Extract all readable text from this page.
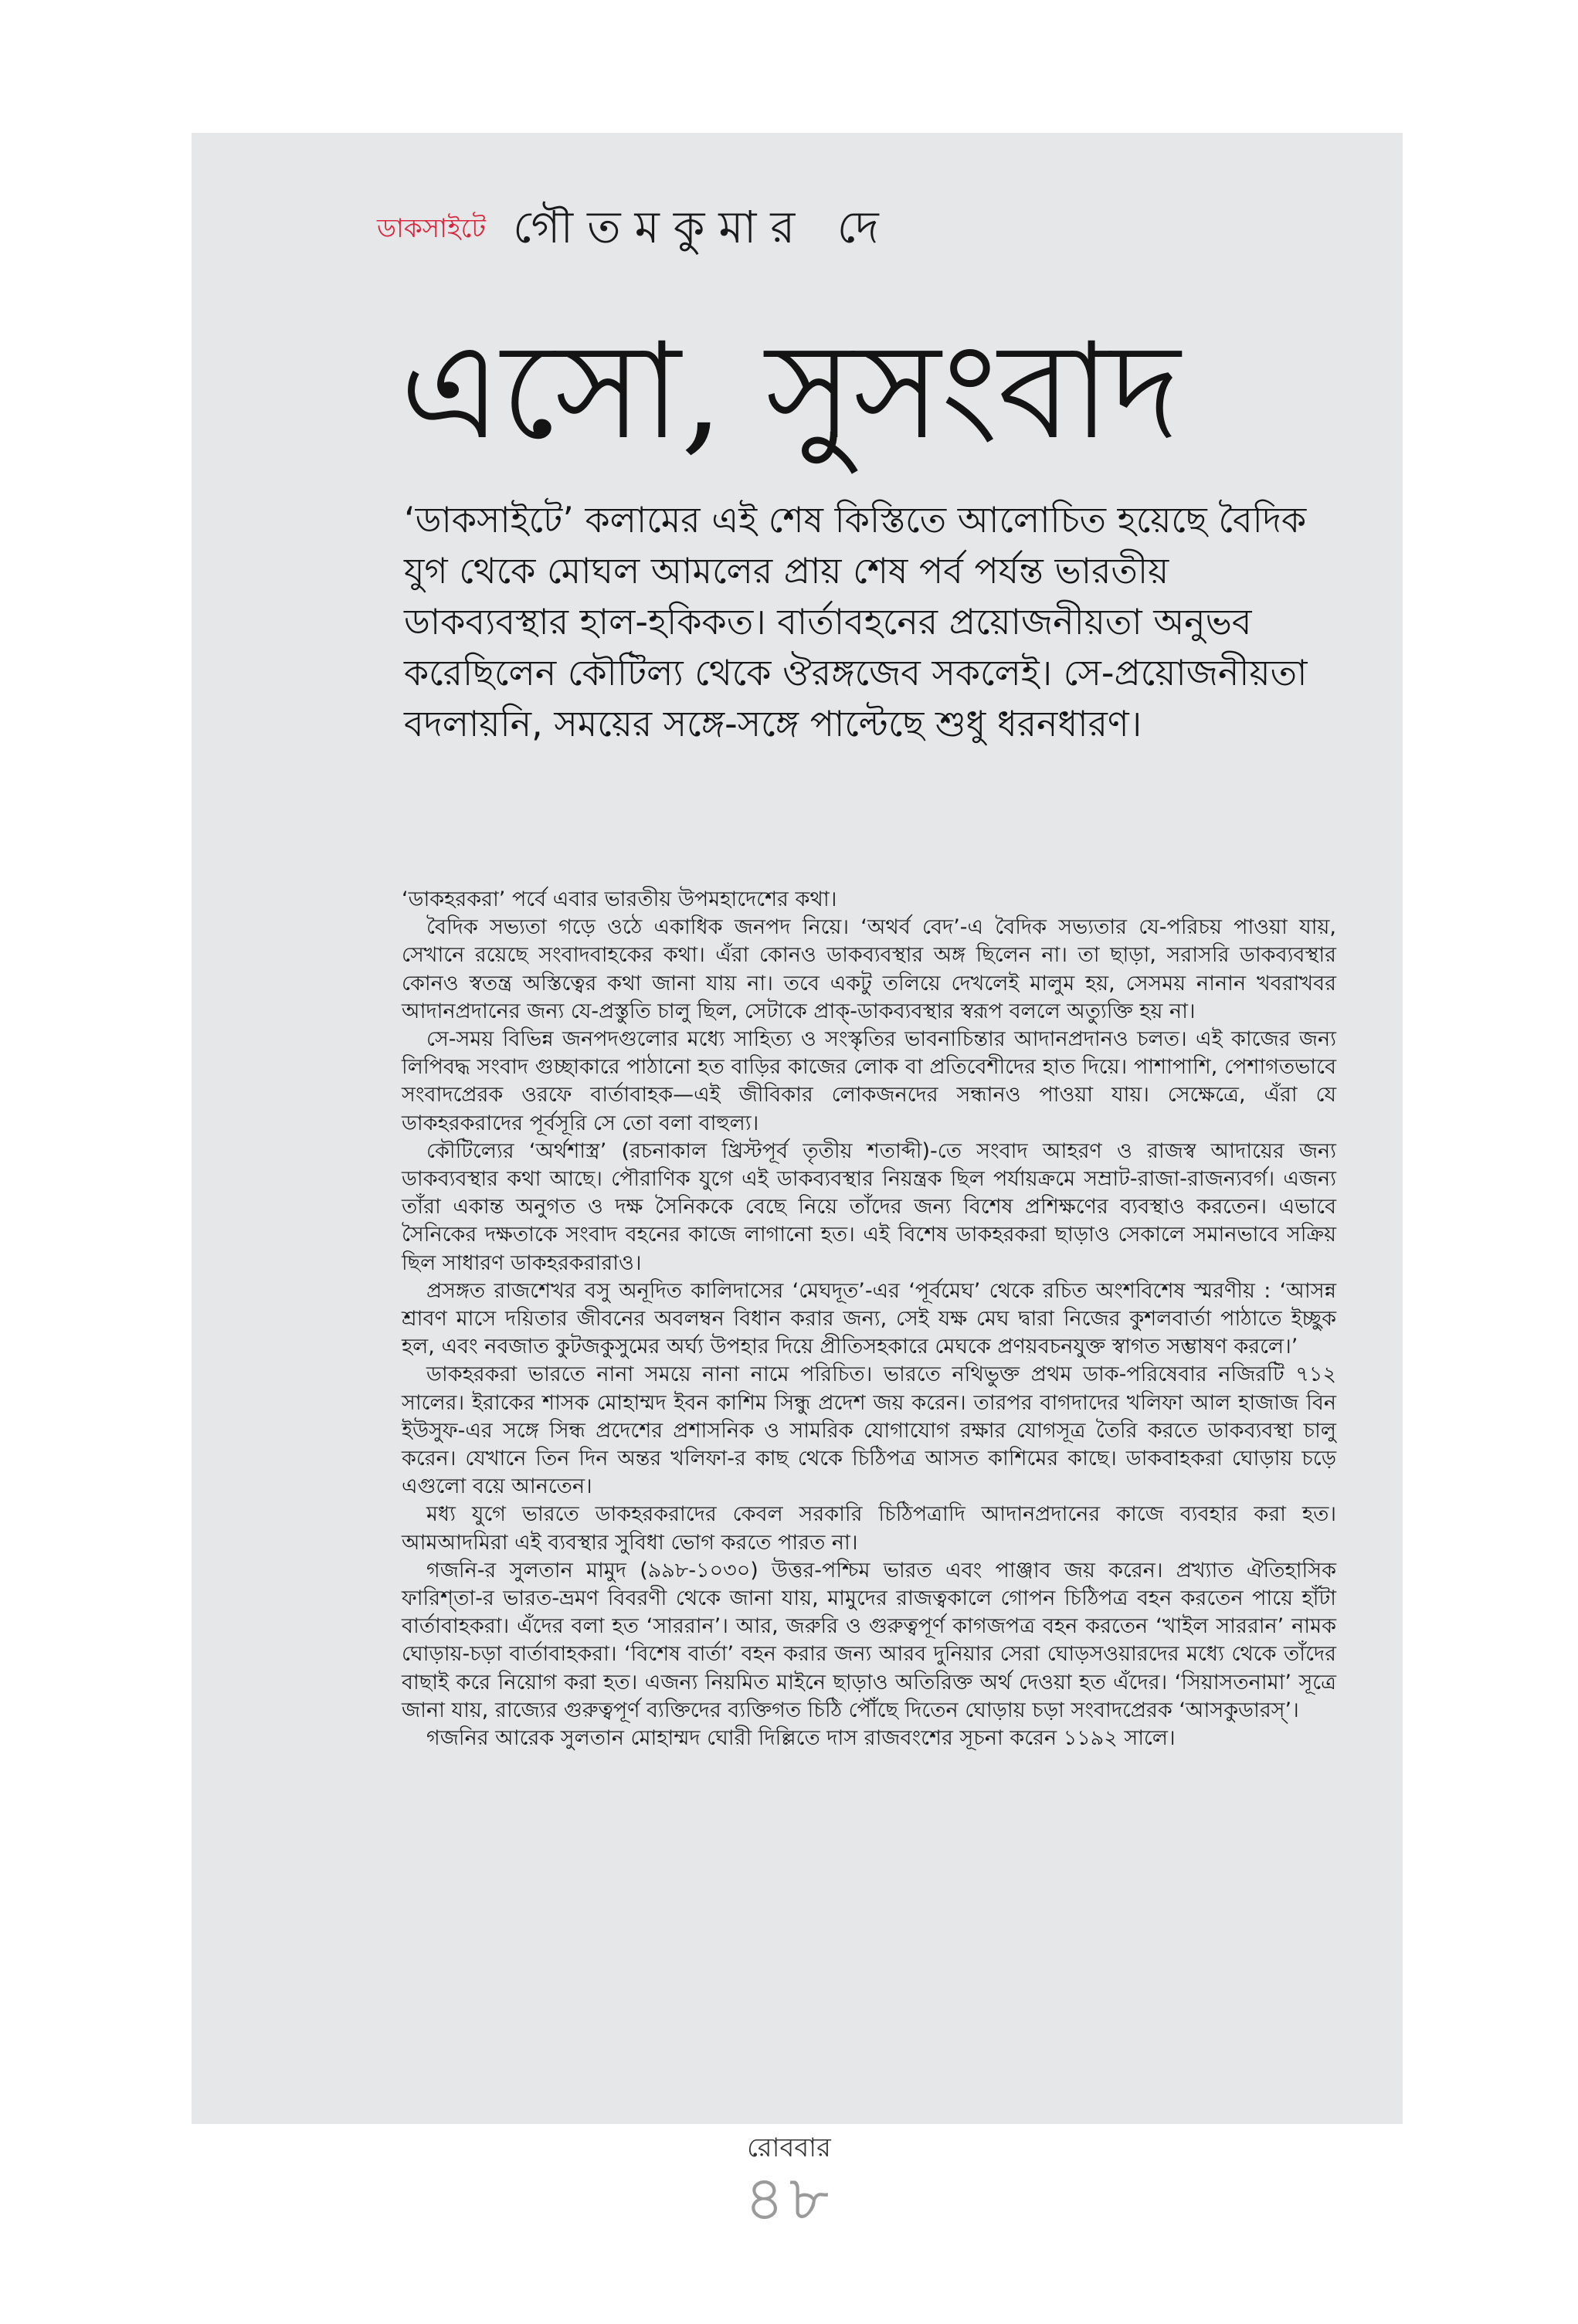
ডাকসাইটে গৌতমকুমার দে
এসো, সুসংবাদ

‘ডাকসাইটে’ কলামের এই শেষ কিস্তিতে আলোচিত হয়েছে বৈদিক যুগ থেকে মোঘল আমলের প্রায় শেষ পর্ব পর্যন্ত ভারতীয় ডাকব্যবস্থার হাল-হকিকত। বার্তাবহনের প্রয়োজনীয়তা অনুভব করেছিলেন কৌটিল্য থেকে ঔরঙ্গজেব সকলেই। সে-প্রয়োজনীয়তা বদলায়নি, সময়ের সঙ্গে-সঙ্গে পাল্টেছে শুধু ধরনধারণ।

‘ডাকহরকরা’ পর্বে এবার ভারতীয় উপমহাদেশের কথা।

বৈদিক সভ্যতা গড়ে ওঠে একাধিক জনপদ নিয়ে। ‘অথর্ব বেদ’-এ বৈদিক সভ্যতার যে-পরিচয় পাওয়া যায়, সেখানে রয়েছে সংবাদবাহকের কথা। এঁরা কোনও ডাকব্যবস্থার অঙ্গ ছিলেন না। তা ছাড়া, সরাসরি ডাকব্যবস্থার কোনও স্বতন্ত্র অস্তিত্বের কথা জানা যায় না। তবে একটু তলিয়ে দেখলেই মালুম হয়, সেসময় নানান খবরাখবর আদানপ্রদানের জন্য যে-প্রস্তুতি চালু ছিল, সেটাকে প্রাক্‌-ডাকব্যবস্থার স্বরূপ বললে অত্যুক্তি হয় না।

সে-সময় বিভিন্ন জনপদগুলোর মধ্যে সাহিত্য ও সংস্কৃতির ভাবনাচিন্তার আদানপ্রদানও চলত। এই কাজের জন্য লিপিবদ্ধ সংবাদ গুচ্ছাকারে পাঠানো হত বাড়ির কাজের লোক বা প্রতিবেশীদের হাত দিয়ে। পাশাপাশি, পেশাগতভাবে সংবাদপ্রেরক ওরফে বার্তাবাহক—এই জীবিকার লোকজনদের সন্ধানও পাওয়া যায়। সেক্ষেত্রে, এঁরা যে ডাকহরকরাদের পূর্বসূরি সে তো বলা বাহুল্য।

কৌটিল্যের ‘অর্থশাস্ত্র’ (রচনাকাল খ্রিস্টপূর্ব তৃতীয় শতাব্দী)-তে সংবাদ আহরণ ও রাজস্ব আদায়ের জন্য ডাকব্যবস্থার কথা আছে। পৌরাণিক যুগে এই ডাকব্যবস্থার নিয়ন্ত্রক ছিল পর্যায়ক্রমে সম্রাট-রাজা-রাজন্যবর্গ। এজন্য তাঁরা একান্ত অনুগত ও দক্ষ সৈনিককে বেছে নিয়ে তাঁদের জন্য বিশেষ প্রশিক্ষণের ব্যবস্থাও করতেন। এভাবে সৈনিকের দক্ষতাকে সংবাদ বহনের কাজে লাগানো হত। এই বিশেষ ডাকহরকরা ছাড়াও সেকালে সমানভাবে সক্রিয় ছিল সাধারণ ডাকহরকরারাও।

প্রসঙ্গত রাজশেখর বসু অনূদিত কালিদাসের ‘মেঘদূত’-এর ‘পূর্বমেঘ’ থেকে রচিত অংশবিশেষ স্মরণীয় : ‘আসন্ন শ্রাবণ মাসে দয়িতার জীবনের অবলম্বন বিধান করার জন্য, সেই যক্ষ মেঘ দ্বারা নিজের কুশলবার্তা পাঠাতে ইচ্ছুক হল, এবং নবজাত কুটজকুসুমের অর্ঘ্য উপহার দিয়ে প্রীতিসহকারে মেঘকে প্রণয়বচনযুক্ত স্বাগত সম্ভাষণ করলে।’

ডাকহরকরা ভারতে নানা সময়ে নানা নামে পরিচিত। ভারতে নথিভুক্ত প্রথম ডাক-পরিষেবার নজিরটি ৭১২ সালের। ইরাকের শাসক মোহাম্মদ ইবন কাশিম সিন্ধু প্রদেশ জয় করেন। তারপর বাগদাদের খলিফা আল হাজাজ বিন ইউসুফ-এর সঙ্গে সিন্ধ প্রদেশের প্রশাসনিক ও সামরিক যোগাযোগ রক্ষার যোগসূত্র তৈরি করতে ডাকব্যবস্থা চালু করেন। যেখানে তিন দিন অন্তর খলিফা-র কাছ থেকে চিঠিপত্র আসত কাশিমের কাছে। ডাকবাহকরা ঘোড়ায় চড়ে এগুলো বয়ে আনতেন।

মধ্য যুগে ভারতে ডাকহরকরাদের কেবল সরকারি চিঠিপত্রাদি আদানপ্রদানের কাজে ব্যবহার করা হত। আমআদমিরা এই ব্যবস্থার সুবিধা ভোগ করতে পারত না।

গজনি-র সুলতান মামুদ (৯৯৮-১০৩০) উত্তর-পশ্চিম ভারত এবং পাঞ্জাব জয় করেন। প্রখ্যাত ঐতিহাসিক ফারিশ্‌তা-র ভারত-ভ্রমণ বিবরণী থেকে জানা যায়, মামুদের রাজত্বকালে গোপন চিঠিপত্র বহন করতেন পায়ে হাঁটা বার্তাবাহকরা। এঁদের বলা হত ‘সাররান’। আর, জরুরি ও গুরুত্বপূর্ণ কাগজপত্র বহন করতেন ‘খাইল সাররান’ নামক ঘোড়ায়-চড়া বার্তাবাহকরা। ‘বিশেষ বার্তা’ বহন করার জন্য আরব দুনিয়ার সেরা ঘোড়সওয়ারদের মধ্যে থেকে তাঁদের বাছাই করে নিয়োগ করা হত। এজন্য নিয়মিত মাইনে ছাড়াও অতিরিক্ত অর্থ দেওয়া হত এঁদের। ‘সিয়াসতনামা’ সূত্রে জানা যায়, রাজ্যের গুরুত্বপূর্ণ ব্যক্তিদের ব্যক্তিগত চিঠি পৌঁছে দিতেন ঘোড়ায় চড়া সংবাদপ্রেরক ‘আসকুডারস্’।

গজনির আরেক সুলতান মোহাম্মদ ঘোরী দিল্লিতে দাস রাজবংশের সূচনা করেন ১১৯২ সালে।

রোববার
৪৮
